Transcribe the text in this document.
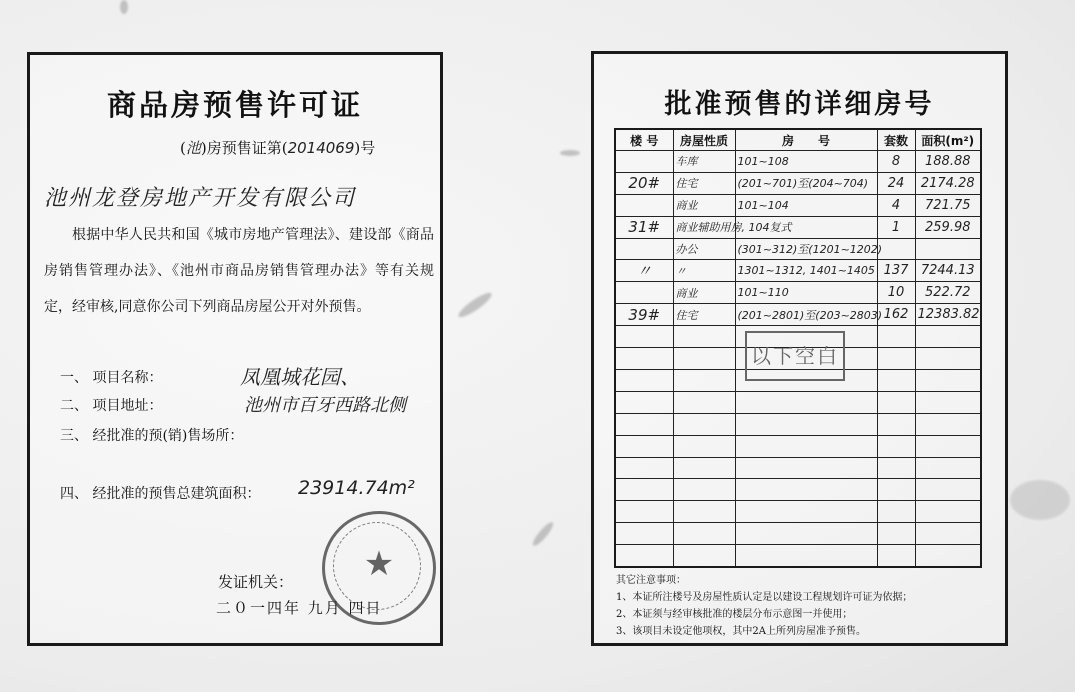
商品房预售许可证
(池)房预售证第(2014069)号
池州龙登房地产开发有限公司
根据中华人民共和国《城市房地产管理法》、建设部《商品房销售管理办法》、《池州市商品房销售管理办法》等有关规定，经审核,同意你公司下列商品房屋公开对外预售。
一、 项目名称：	凤凰城花园、
二、 项目地址：	池州市百牙西路北侧
三、 经批准的预(销)售场所：
四、 经批准的预售总建筑面积： 23914.74m²
发证机关：
二０一四年 九月 四日
★
批准预售的详细房号
楼 号	房屋性质	房　　号	套数	面积(m²)
	车库	101~108	8	188.88
20#	住宅	(201~701)至(204~704)	24	2174.28
	商业	101~104	4	721.75
31#	商业辅助用房, 104复式		1	259.98
	办公	(301~312)至(1201~1202)		
〃	〃	1301~1312, 1401~1405	137	7244.13
	商业	101~110	10	522.72
39#	住宅	(201~2801)至(203~2803)	162	12383.82

以下空白
其它注意事项：
1、本证所注楼号及房屋性质认定是以建设工程规划许可证为依据；
2、本证须与经审核批准的楼层分布示意图一并使用；
3、该项目未设定他项权，其中2A上所列房屋准予预售。
